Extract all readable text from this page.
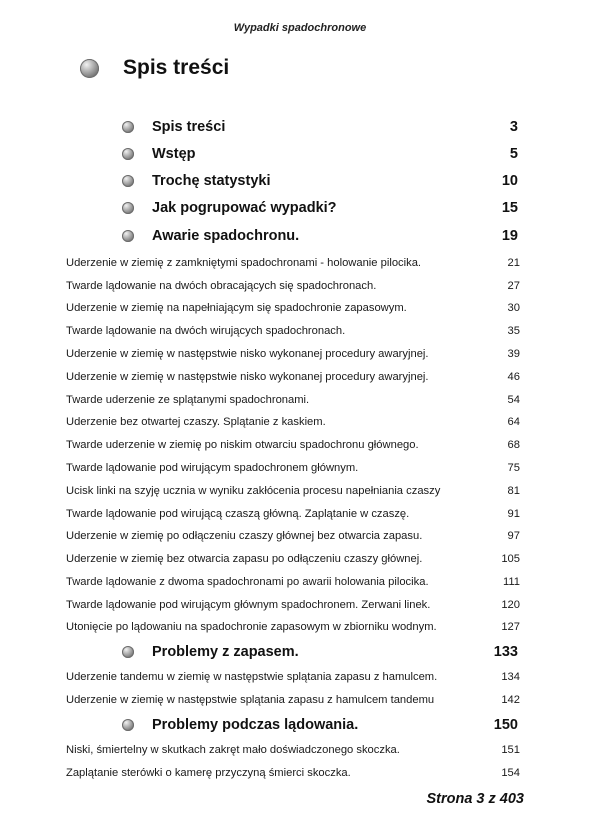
Wypadki spadochronowe
Spis treści
Spis treści	3
Wstęp	5
Trochę statystyki	10
Jak pogrupować wypadki?	15
Awarie spadochronu.	19
Uderzenie w ziemię z zamkniętymi spadochronami - holowanie pilocika.	21
Twarde lądowanie na dwóch obracających się spadochronach.	27
Uderzenie w ziemię na napełniającym się spadochronie zapasowym.	30
Twarde lądowanie na dwóch wirujących spadochronach.	35
Uderzenie w ziemię w następstwie nisko wykonanej procedury awaryjnej.	39
Uderzenie w ziemię w następstwie nisko wykonanej procedury awaryjnej.	46
Twarde uderzenie ze splątanymi spadochronami.	54
Uderzenie bez otwartej czaszy. Splątanie z kaskiem.	64
Twarde uderzenie w ziemię po niskim otwarciu spadochronu głównego.	68
Twarde lądowanie pod wirującym spadochronem głównym.	75
Ucisk linki na szyję ucznia w wyniku zakłócenia procesu napełniania czaszy	81
Twarde lądowanie pod wirującą czaszą główną. Zaplątanie w czaszę.	91
Uderzenie w ziemię po odłączeniu czaszy głównej bez otwarcia zapasu.	97
Uderzenie w ziemię bez otwarcia zapasu po odłączeniu czaszy głównej.	105
Twarde lądowanie z dwoma spadochronami po awarii holowania pilocika.	111
Twarde lądowanie pod wirującym głównym spadochronem. Zerwani linek.	120
Utonięcie po lądowaniu na spadochronie zapasowym w zbiorniku wodnym.	127
Problemy z zapasem.	133
Uderzenie tandemu w ziemię w następstwie splątania zapasu z hamulcem.	134
Uderzenie w ziemię w następstwie splątania zapasu z hamulcem tandemu	142
Problemy podczas lądowania.	150
Niski, śmiertelny w skutkach zakręt mało doświadczonego skoczka.	151
Zaplątanie sterówki o kamerę przyczyną śmierci skoczka.	154
Strona 3 z 403
